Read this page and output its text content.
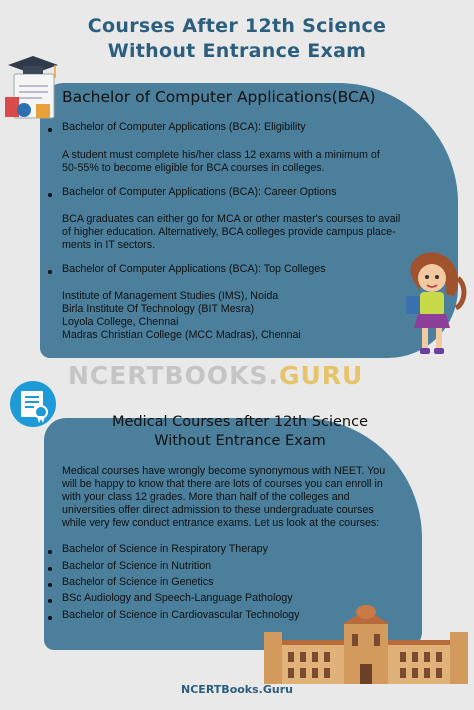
Courses After 12th Science
Without Entrance Exam
Bachelor of Computer Applications(BCA)
Bachelor of Computer Applications (BCA): Eligibility
A student must complete his/her class 12 exams with a minimum of
50-55% to become eligible for BCA courses in colleges.
Bachelor of Computer Applications (BCA): Career Options
BCA graduates can either go for MCA or other master's courses to avail
of higher education. Alternatively, BCA colleges provide campus place-
ments in IT sectors.
Bachelor of Computer Applications (BCA): Top Colleges
Institute of Management Studies (IMS), Noida
Birla Institute Of Technology (BIT Mesra)
Loyola College, Chennai
Madras Christian College (MCC Madras), Chennai
NCERTBOOKS.GURU
Medical Courses after 12th Science
Without Entrance Exam
Medical courses have wrongly become synonymous with NEET. You
will be happy to know that there are lots of courses you can enroll in
with your class 12 grades. More than half of the colleges and
universities offer direct admission to these undergraduate courses
while very few conduct entrance exams. Let us look at the courses:
Bachelor of Science in Respiratory Therapy
Bachelor of Science in Nutrition
Bachelor of Science in Genetics
BSc Audiology and Speech-Language Pathology
Bachelor of Science in Cardiovascular Technology
NCERTBooks.Guru
